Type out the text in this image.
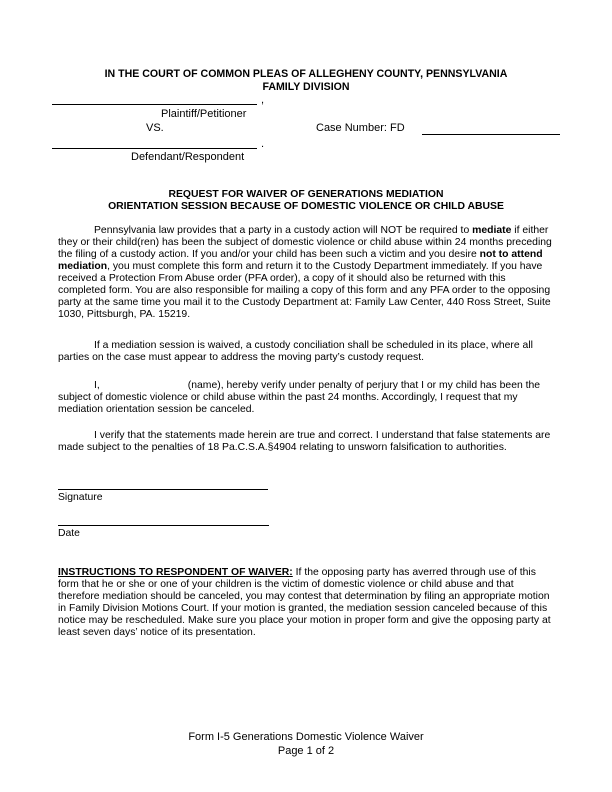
IN THE COURT OF COMMON PLEAS OF ALLEGHENY COUNTY, PENNSYLVANIA
FAMILY DIVISION
,
Plaintiff/Petitioner
VS.	Case Number: FD
.
Defendant/Respondent
REQUEST FOR WAIVER OF GENERATIONS MEDIATION
ORIENTATION SESSION BECAUSE OF DOMESTIC VIOLENCE OR CHILD ABUSE

Pennsylvania law provides that a party in a custody action will NOT be required to mediate if either they or their child(ren) has been the subject of domestic violence or child abuse within 24 months preceding the filing of a custody action. If you and/or your child has been such a victim and you desire not to attend mediation, you must complete this form and return it to the Custody Department immediately. If you have received a Protection From Abuse order (PFA order), a copy of it should also be returned with this completed form. You are also responsible for mailing a copy of this form and any PFA order to the opposing party at the same time you mail it to the Custody Department at: Family Law Center, 440 Ross Street, Suite 1030, Pittsburgh, PA. 15219.

If a mediation session is waived, a custody conciliation shall be scheduled in its place, where all parties on the case must appear to address the moving party’s custody request.

I,	(name), hereby verify under penalty of perjury that I or my child has been the subject of domestic violence or child abuse within the past 24 months. Accordingly, I request that my mediation orientation session be canceled.

I verify that the statements made herein are true and correct. I understand that false statements are made subject to the penalties of 18 Pa.C.S.A.§4904 relating to unsworn falsification to authorities.

Signature
Date

INSTRUCTIONS TO RESPONDENT OF WAIVER: If the opposing party has averred through use of this form that he or she or one of your children is the victim of domestic violence or child abuse and that therefore mediation should be canceled, you may contest that determination by filing an appropriate motion in Family Division Motions Court. If your motion is granted, the mediation session canceled because of this notice may be rescheduled. Make sure you place your motion in proper form and give the opposing party at least seven days’ notice of its presentation.

Form I-5 Generations Domestic Violence Waiver
Page 1 of 2
